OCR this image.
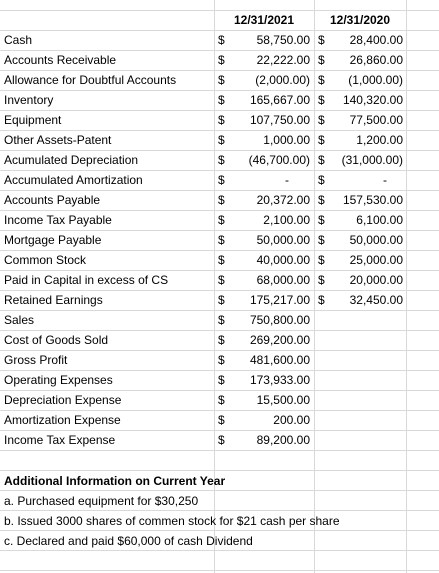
12/31/2021	12/31/2020
Cash	$	58,750.00 $	28,400.00
Accounts Receivable	$	22,222.00 $	26,860.00
Allowance for Doubtful Accounts	$	(2,000.00) $	(1,000.00)
Inventory	$	165,667.00 $	140,320.00
Equipment	$	107,750.00 $	77,500.00
Other Assets-Patent	$	1,000.00 $	1,200.00
Acumulated Depreciation	$	(46,700.00) $	(31,000.00)
Accumulated Amortization	$	-	$	-
Accounts Payable	$	20,372.00 $	157,530.00
Income Tax Payable	$	2,100.00 $	6,100.00
Mortgage Payable	$	50,000.00 $	50,000.00
Common Stock	$	40,000.00 $	25,000.00
Paid in Capital in excess of CS	$	68,000.00 $	20,000.00
Retained Earnings	$	175,217.00 $	32,450.00
Sales	$	750,800.00
Cost of Goods Sold	$	269,200.00
Gross Profit	$	481,600.00
Operating Expenses	$	173,933.00
Depreciation Expense	$	15,500.00
Amortization Expense	$	200.00
Income Tax Expense	$	89,200.00
Additional Information on Current Year
a. Purchased equipment for $30,250
b. Issued 3000 shares of commen stock for $21 cash per share
c. Declared and paid $60,000 of cash Dividend
